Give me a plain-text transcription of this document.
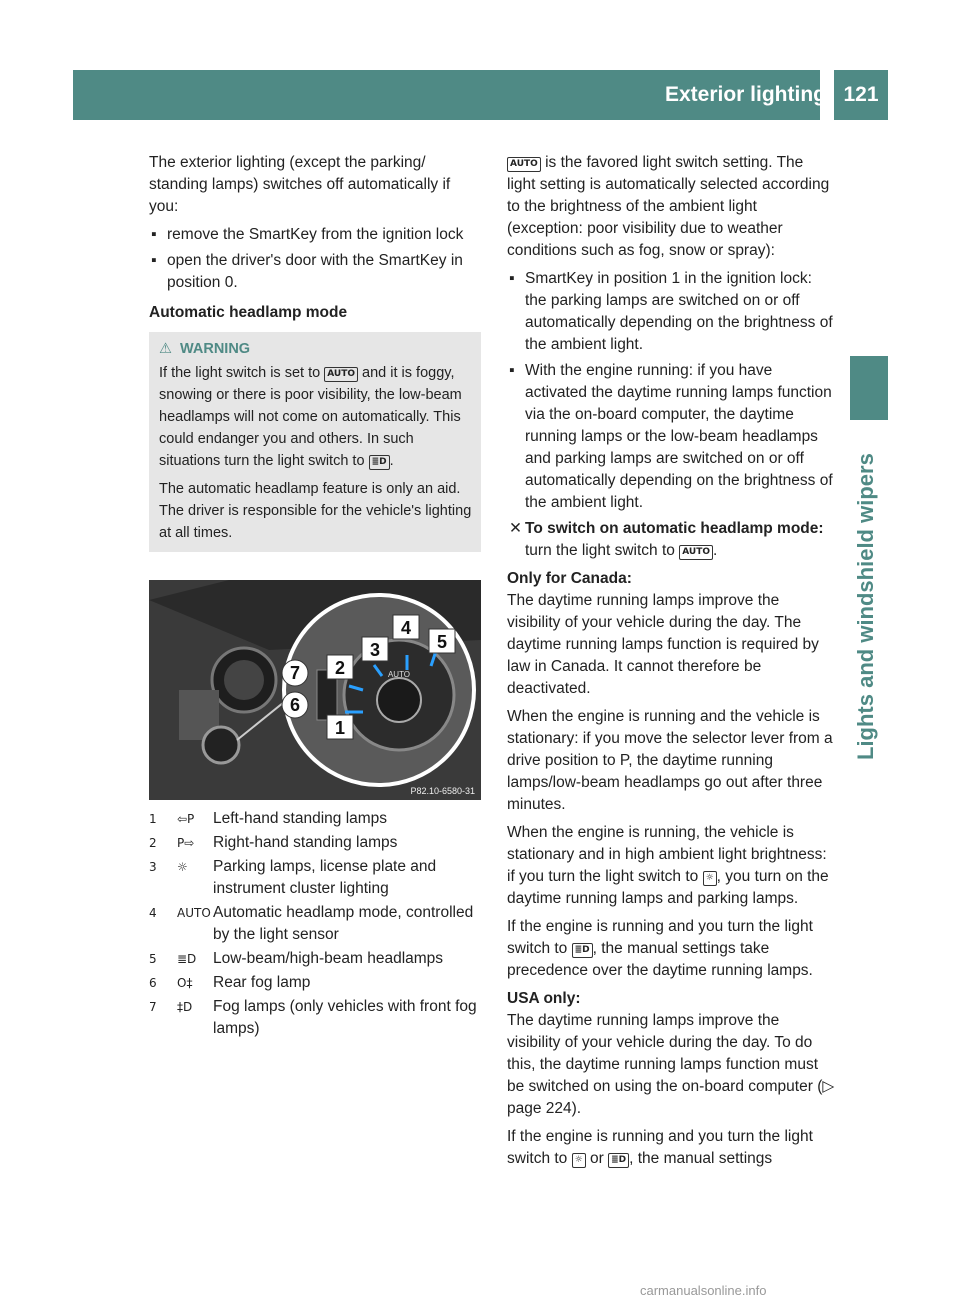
Exterior lighting 121
Lights and windshield wipers

The exterior lighting (except the parking/ standing lamps) switches off automatically if you:

▪ remove the SmartKey from the ignition lock
▪ open the driver's door with the SmartKey in position 0.

Automatic headlamp mode

⚠ WARNING

If the light switch is set to AUTO and it is foggy, snowing or there is poor visibility, the low-beam headlamps will not come on automatically. This could endanger you and others. In such situations turn the light switch to ≣D .

The automatic headlamp feature is only an aid. The driver is responsible for the vehicle's lighting at all times.

AUTO
1
2
3
4
5
6
7
P82.10-6580-31
1	⇦P	Left-hand standing lamps
2	P⇨	Right-hand standing lamps
3	☼	Parking lamps, license plate and instrument cluster lighting
4	AUTO Automatic headlamp mode, controlled by the light sensor
5	≣D	Low-beam/high-beam headlamps
6	O‡	Rear fog lamp
7	‡D	Fog lamps (only vehicles with front fog lamps)

AUTO is the favored light switch setting. The light setting is automatically selected according to the brightness of the ambient light (exception: poor visibility due to weather conditions such as fog, snow or spray):

▪ SmartKey in position 1 in the ignition lock: the parking lamps are switched on or off automatically depending on the brightness of the ambient light.
▪ With the engine running: if you have activated the daytime running lamps function via the on-board computer, the daytime running lamps or the low-beam headlamps and parking lamps are switched on or off automatically depending on the brightness of the ambient light.
✕ To switch on automatic headlamp mode: turn the light switch to AUTO .

Only for Canada:

The daytime running lamps improve the visibility of your vehicle during the day. The daytime running lamps function is required by law in Canada. It cannot therefore be deactivated.

When the engine is running and the vehicle is stationary: if you move the selector lever from a drive position to P, the daytime running lamps/low-beam headlamps go out after three minutes.

When the engine is running, the vehicle is stationary and in high ambient light brightness: if you turn the light switch to ☼ , you turn on the daytime running lamps and parking lamps.

If the engine is running and you turn the light switch to ≣D , the manual settings take precedence over the daytime running lamps.

USA only:

The daytime running lamps improve the visibility of your vehicle during the day. To do this, the daytime running lamps function must be switched on using the on-board computer (▷ page 224).

If the engine is running and you turn the light switch to ☼ or ≣D , the manual settings

carmanualsonline.info
